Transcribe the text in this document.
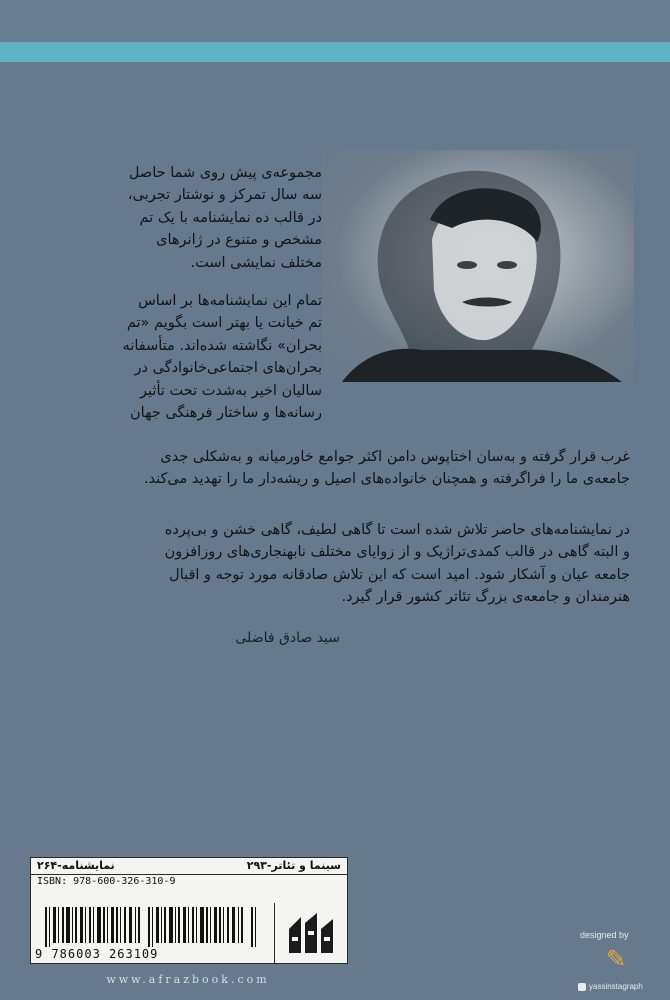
مجموعه‌ی پیش روی شما حاصل
سه سال تمرکز و نوشتار تجربی،
در قالب ده نمایشنامه با یک تم
مشخص و متنوع در ژانرهای
مختلف نمایشی است.
تمام این نمایشنامه‌ها بر اساس
تم خیانت یا بهتر است بگویم «تم
بحران» نگاشته شده‌اند. متأسفانه
بحران‌های اجتماعی‌خانوادگی در
سالیان اخیر به‌شدت تحت تأثیر
رسانه‌ها و ساختار فرهنگی جهان
غرب قرار گرفته و به‌سان اختاپوس دامن اکثر جوامع خاورمیانه و به‌شکلی جدی
جامعه‌ی ما را فراگرفته و همچنان خانواده‌های اصیل و ریشه‌دار ما را تهدید می‌کند.
در نمایشنامه‌های حاضر تلاش شده است تا گاهی لطیف، گاهی خشن و بی‌پرده
و البته گاهی در قالب کمدی‌تراژیک و از زوایای مختلف نابهنجاری‌های روزافزون
جامعه عیان و آشکار شود. امید است که این تلاش صادقانه مورد توجه و اقبال
هنرمندان و جامعه‌ی بزرگ تئاتر کشور قرار گیرد.
سید صادق فاضلی
سینما و تئاتر-۲۹۳
نمایشنامه-۲۶۴
ISBN: 978-600-326-310-9
9 786003 263109
www.afrazbook.com
designed by
✎
yassinstagraph
